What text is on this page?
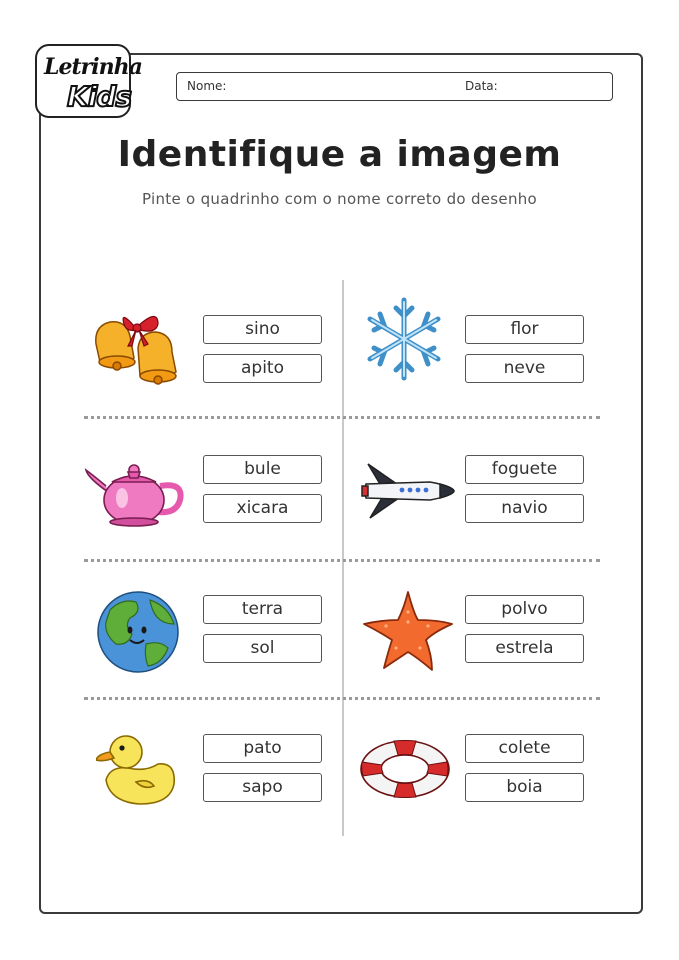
Letrinha
Kids	Nome:	Data:
Identifique a imagem
Pinte o quadrinho com o nome correto do desenho
sino
apito
flor
neve
bule
xicara
foguete
navio
terra
sol
polvo
estrela
pato
sapo
colete
boia
